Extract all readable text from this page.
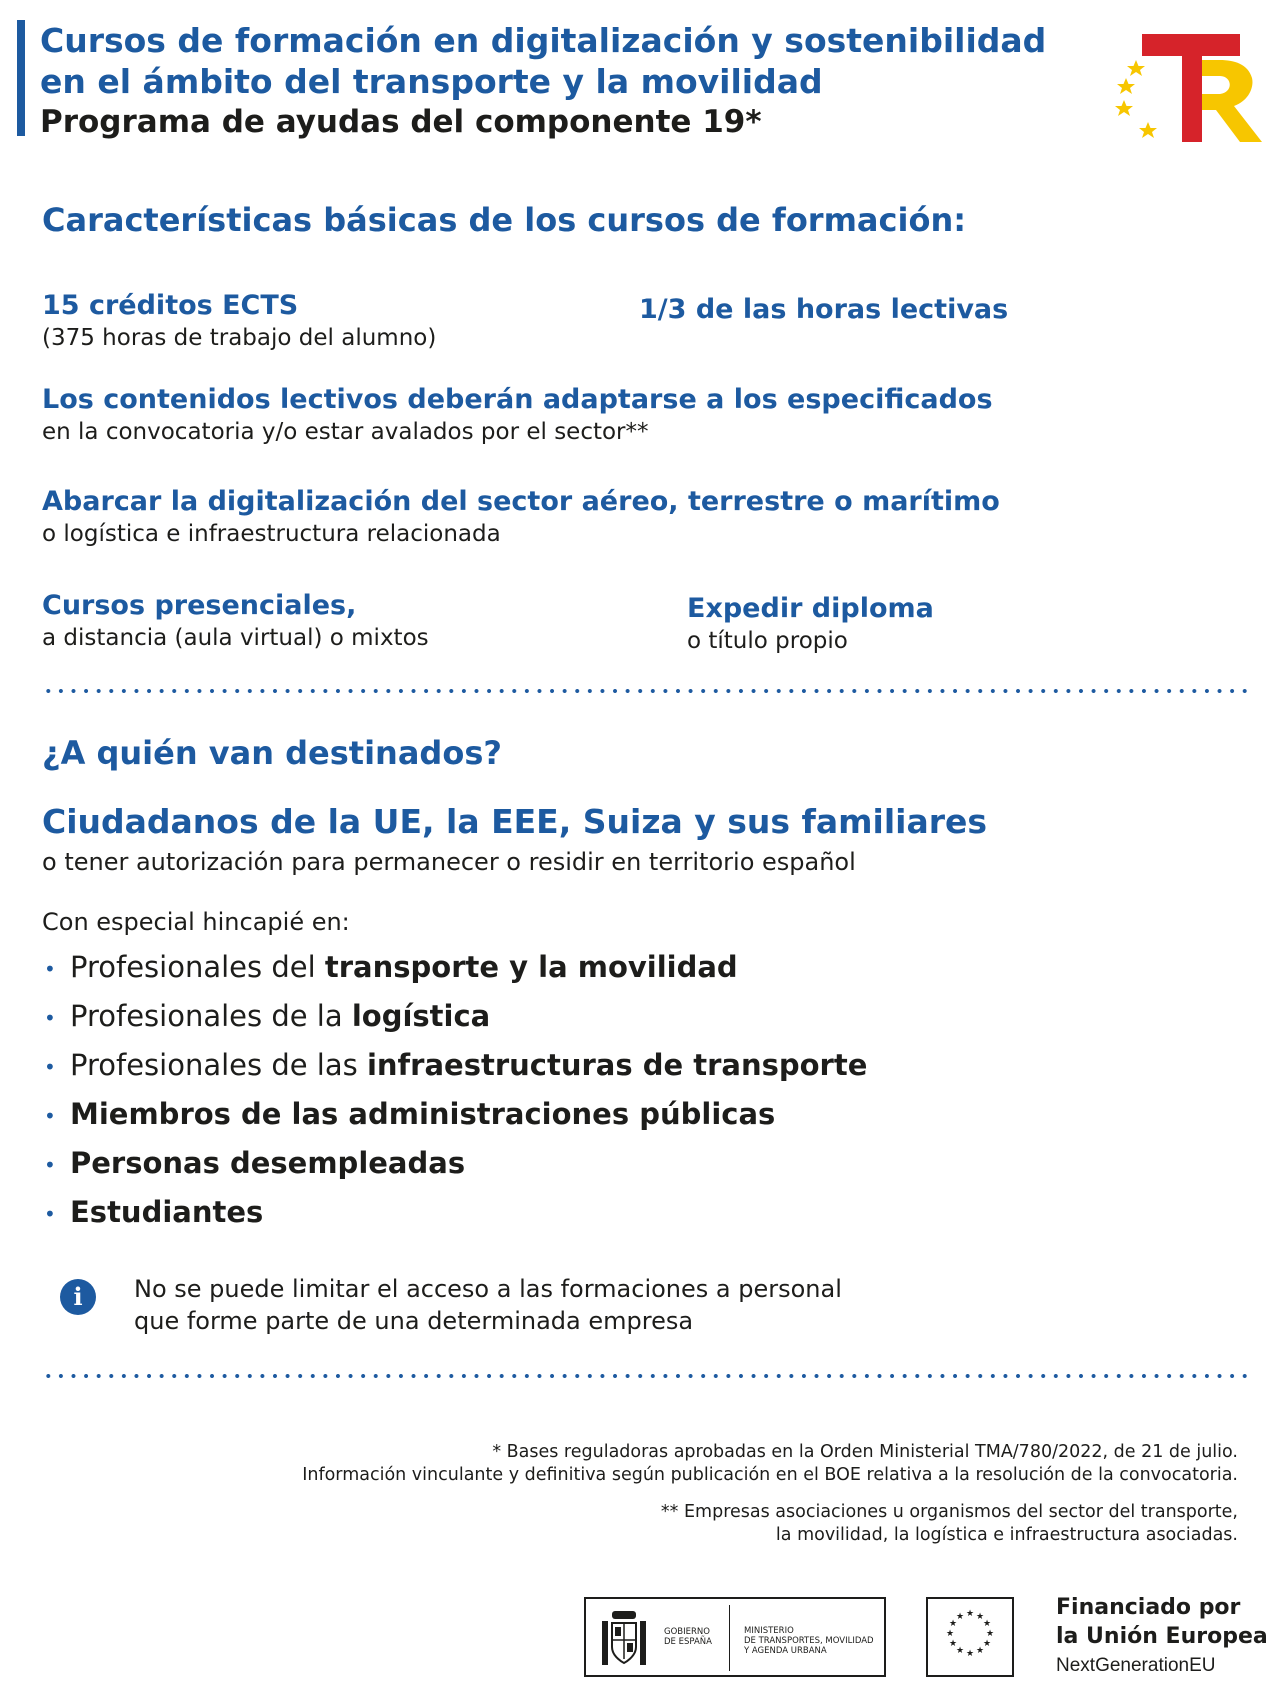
Cursos de formación en digitalización y sostenibilidad
en el ámbito del transporte y la movilidad
Programa de ayudas del componente 19*
Características básicas de los cursos de formación:
15 créditos ECTS
(375 horas de trabajo del alumno)
1/3 de las horas lectivas
Los contenidos lectivos deberán adaptarse a los especificados
en la convocatoria y/o estar avalados por el sector**
Abarcar la digitalización del sector aéreo, terrestre o marítimo
o logística e infraestructura relacionada
Cursos presenciales,
a distancia (aula virtual) o mixtos
Expedir diploma
o título propio
¿A quién van destinados?
Ciudadanos de la UE, la EEE, Suiza y sus familiares
o tener autorización para permanecer o residir en territorio español
Con especial hincapié en:
• Profesionales del transporte y la movilidad
• Profesionales de la logística
• Profesionales de las infraestructuras de transporte
• Miembros de las administraciones públicas
• Personas desempleadas
• Estudiantes
i	No se puede limitar el acceso a las formaciones a personal
que forme parte de una determinada empresa
* Bases reguladoras aprobadas en la Orden Ministerial TMA/780/2022, de 21 de julio.
Información vinculante y definitiva según publicación en el BOE relativa a la resolución de la convocatoria.
** Empresas asociaciones u organismos del sector del transporte,
la movilidad, la logística e infraestructura asociadas.
GOBIERNO
DE ESPAÑA
MINISTERIO
DE TRANSPORTES, MOVILIDAD
Y AGENDA URBANA
★ ★
★
★
★
★
★
★
★
★
★
★	Financiado por
la Unión Europea
NextGenerationEU
